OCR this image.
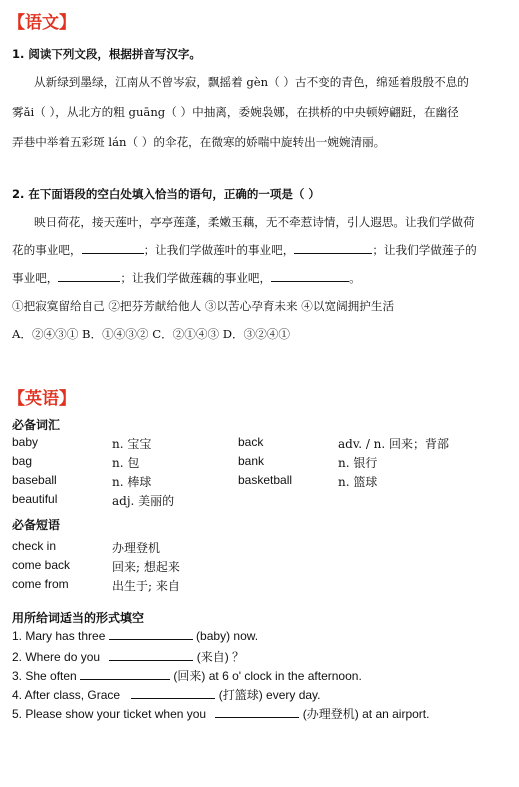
【语文】
1. 阅读下列文段，根据拼音写汉字。
从新绿到墨绿，江南从不曾岑寂，飘摇着 gèn（ ）古不变的青色，绵延着殷殷不息的
雾ǎi（ ），从北方的粗 guāng（ ）中抽离，委婉袅娜，在拱桥的中央顿婷翩跹，在幽径
弄巷中举着五彩斑 lán（ ）的伞花，在微寒的娇喘中旋转出一婉婉清丽。
2. 在下面语段的空白处填入恰当的语句，正确的一项是（ ）
映日荷花，接天莲叶，亭亭莲蓬，柔嫩玉藕，无不牵惹诗情，引人遐思。让我们学做荷
花的事业吧，	；让我们学做莲叶的事业吧，	；让我们学做莲子的
事业吧，	；让我们学做莲藕的事业吧，	。
①把寂寞留给自己 ②把芬芳献给他人 ③以苦心孕育未来 ④以宽阔拥护生活
A．②④③① B．①④③② C．②①④③ D．③②④①
【英语】
必备词汇
baby	n. 宝宝	back	adv. / n. 回来；背部
bag	n. 包	bank	n. 银行
baseball	n. 棒球	basketball	n. 篮球
beautiful	adj. 美丽的
必备短语
check in	办理登机
come back	回来; 想起来
come from	出生于; 来自
用所给词适当的形式填空
1. Mary has three	(baby) now.
2. Where do you	(来自) ？
3. She often	(回来) at 6 o' clock in the afternoon.
4. After class, Grace	(打篮球) every day.
5. Please show your ticket when you	(办理登机) at an airport.
